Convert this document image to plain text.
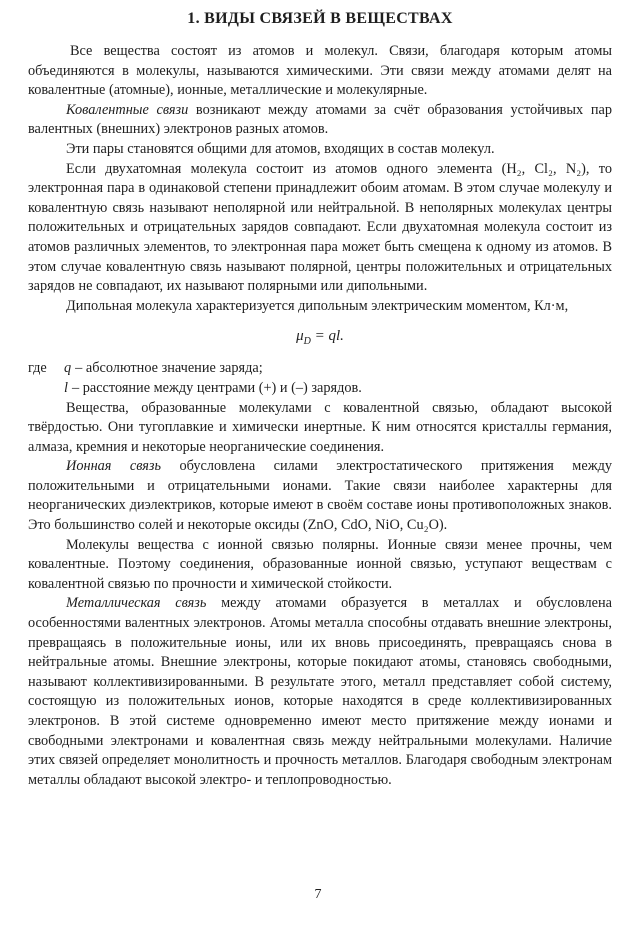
1. ВИДЫ СВЯЗЕЙ В ВЕЩЕСТВАХ

Все вещества состоят из атомов и молекул. Связи, благодаря которым атомы объединяются в молекулы, называются химическими. Эти связи между атомами делят на ковалентные (атомные), ионные, металлические и молекулярные.

Ковалентные связи возникают между атомами за счёт образования устойчивых пар валентных (внешних) электронов разных атомов.

Эти пары становятся общими для атомов, входящих в состав молекул.

Если двухатомная молекула состоит из атомов одного элемента (H₂, Cl₂, N₂), то электронная пара в одинаковой степени принадлежит обоим атомам. В этом случае молекулу и ковалентную связь называют неполярной или нейтральной. В неполярных молекулах центры положительных и отрицательных зарядов совпадают. Если двухатомная молекула состоит из атомов различных элементов, то электронная пара может быть смещена к одному из атомов. В этом случае ковалентную связь называют полярной, центры положительных и отрицательных зарядов не совпадают, их называют полярными или дипольными.

Дипольная молекула характеризуется дипольным электрическим моментом, Кл·м,

$\mu_D$ = ql.
где	q – абсолютное значение заряда;
l – расстояние между центрами (+) и (–) зарядов.

Вещества, образованные молекулами с ковалентной связью, обладают высокой твёрдостью. Они тугоплавкие и химически инертные. К ним относятся кристаллы германия, алмаза, кремния и некоторые неорганические соединения.

Ионная связь обусловлена силами электростатического притяжения между положительными и отрицательными ионами. Такие связи наиболее характерны для неорганических диэлектриков, которые имеют в своём составе ионы противоположных знаков. Это большинство солей и некоторые оксиды (ZnO, CdO, NiO, Cu₂O).

Молекулы вещества с ионной связью полярны. Ионные связи менее прочны, чем ковалентные. Поэтому соединения, образованные ионной связью, уступают веществам с ковалентной связью по прочности и химической стойкости.

Металлическая связь между атомами образуется в металлах и обусловлена особенностями валентных электронов. Атомы металла способны отдавать внешние электроны, превращаясь в положительные ионы, или их вновь присоединять, превращаясь снова в нейтральные атомы. Внешние электроны, которые покидают атомы, становясь свободными, называют коллективизированными. В результате этого, металл представляет собой систему, состоящую из положительных ионов, которые находятся в среде коллективизированных электронов. В этой системе одновременно имеют место притяжение между ионами и свободными электронами и ковалентная связь между нейтральными молекулами. Наличие этих связей определяет монолитность и прочность металлов. Благодаря свободным электронам металлы обладают высокой электро- и теплопроводностью.

7
